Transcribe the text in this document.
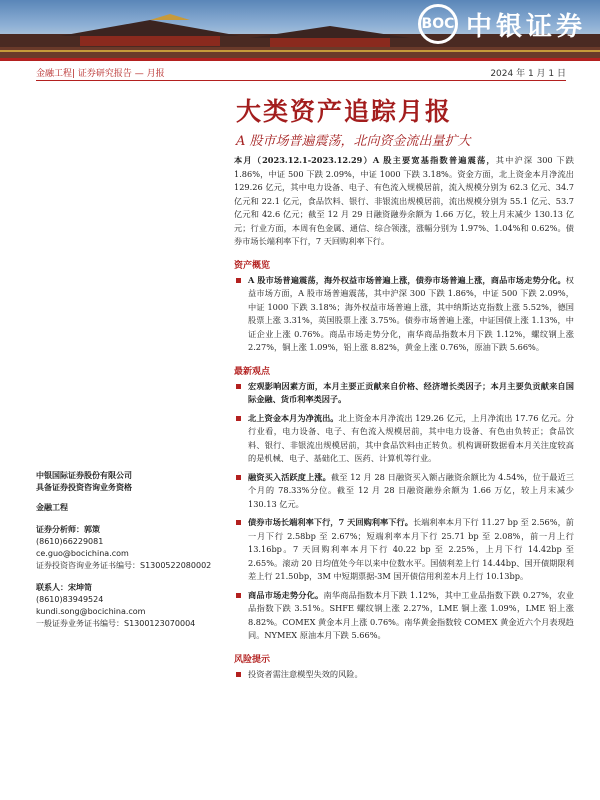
BOC 中银证券
金融工程| 证券研究报告 — 月报	2024 年 1 月 1 日
大类资产追踪月报
A 股市场普遍震荡，北向资金流出量扩大

本月（2023.12.1-2023.12.29）A 股主要宽基指数普遍震荡，其中沪深 300 下跌 1.86%，中证 500 下跌 2.09%，中证 1000 下跌 3.18%。资金方面，北上资金本月净流出 129.26 亿元，其中电力设备、电子、有色流入规模居前，流入规模分别为 62.3 亿元、34.7 亿元和 22.1 亿元，食品饮料、银行、非银流出规模居前，流出规模分别为 55.1 亿元、53.7 亿元和 42.6 亿元；截至 12 月 29 日融资融券余额为 1.66 万亿，较上月末减少 130.13 亿元；行业方面，本周有色金属、通信、综合领涨，涨幅分别为 1.97%、1.04%和 0.62%。债券市场长端利率下行，7 天回购利率下行。

资产概览
A 股市场普遍震荡，海外权益市场普遍上涨，债券市场普遍上涨，商品市场走势分化。权益市场方面，A 股市场普遍震荡，其中沪深 300 下跌 1.86%，中证 500 下跌 2.09%，中证 1000 下跌 3.18%；海外权益市场普遍上涨，其中纳斯达克指数上涨 5.52%，德国股票上涨 3.31%，英国股票上涨 3.75%。债券市场普遍上涨，中证国债上涨 1.13%，中证企业上涨 0.76%。商品市场走势分化，南华商品指数本月下跌 1.12%，螺纹钢上涨 2.27%，铜上涨 1.09%，铝上涨 8.82%，黄金上涨 0.76%，原油下跌 5.66%。
最新观点
宏观影响因素方面，本月主要正贡献来自价格、经济增长类因子；本月主要负贡献来自国际金融、货币利率类因子。
北上资金本月为净流出。北上资金本月净流出 129.26 亿元，上月净流出 17.76 亿元。分行业看，电力设备、电子、有色流入规模居前，其中电力设备、有色由负转正；食品饮料、银行、非银流出规模居前，其中食品饮料由正转负。机构调研数据看本月关注度较高的是机械、电子、基础化工、医药、计算机等行业。
融资买入活跃度上涨。截至 12 月 28 日融资买入额占融资余额比为 4.54%，位于最近三个月的 78.33%分位。截至 12 月 28 日融资融券余额为 1.66 万亿，较上月末减少 130.13 亿元。
债券市场长端利率下行，7 天回购利率下行。长端利率本月下行 11.27 bp 至 2.56%，前一月下行 2.58bp 至 2.67%；短端利率本月下行 25.71 bp 至 2.08%，前一月上行 13.16bp。7 天回购利率本月下行 40.22 bp 至 2.25%，上月下行 14.42bp 至 2.65%。滚动 20 日均值处今年以来中位数水平。国债利差上行 14.44bp、国开债期限利差上行 21.50bp，3M 中短期票据-3M 国开债信用利差本月上行 10.13bp。
商品市场走势分化。南华商品指数本月下跌 1.12%，其中工业品指数下跌 0.27%，农业品指数下跌 3.51%。SHFE 螺纹钢上涨 2.27%，LME 铜上涨 1.09%，LME 铝上涨 8.82%。COMEX 黄金本月上涨 0.76%。南华黄金指数较 COMEX 黄金近六个月表现趋同。NYMEX 原油本月下跌 5.66%。
风险提示
投资者需注意模型失效的风险。
中银国际证券股份有限公司
具备证券投资咨询业务资格
金融工程
证券分析师：郭策
(8610)66229081
ce.guo@bocichina.com
证券投资咨询业务证书编号：S1300522080002
联系人：宋坤笥
(8610)83949524
kundi.song@bocichina.com
一般证券业务证书编号：S1300123070004
